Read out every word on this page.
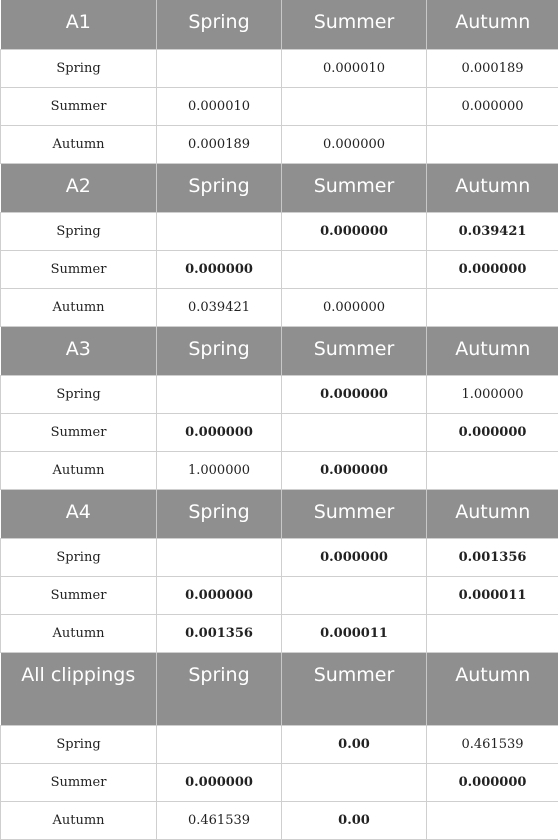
A1	Spring	Summer	Autumn
Spring		0.000010	0.000189
Summer	0.000010		0.000000
Autumn	0.000189	0.000000	
A2	Spring	Summer	Autumn
Spring		0.000000	0.039421
Summer	0.000000		0.000000
Autumn	0.039421	0.000000	
A3	Spring	Summer	Autumn
Spring		0.000000	1.000000
Summer	0.000000		0.000000
Autumn	1.000000	0.000000	
A4	Spring	Summer	Autumn
Spring		0.000000	0.001356
Summer	0.000000		0.000011
Autumn	0.001356	0.000011	
All clippings	Spring	Summer	Autumn
Spring		0.00	0.461539
Summer	0.000000		0.000000
Autumn	0.461539	0.00	
